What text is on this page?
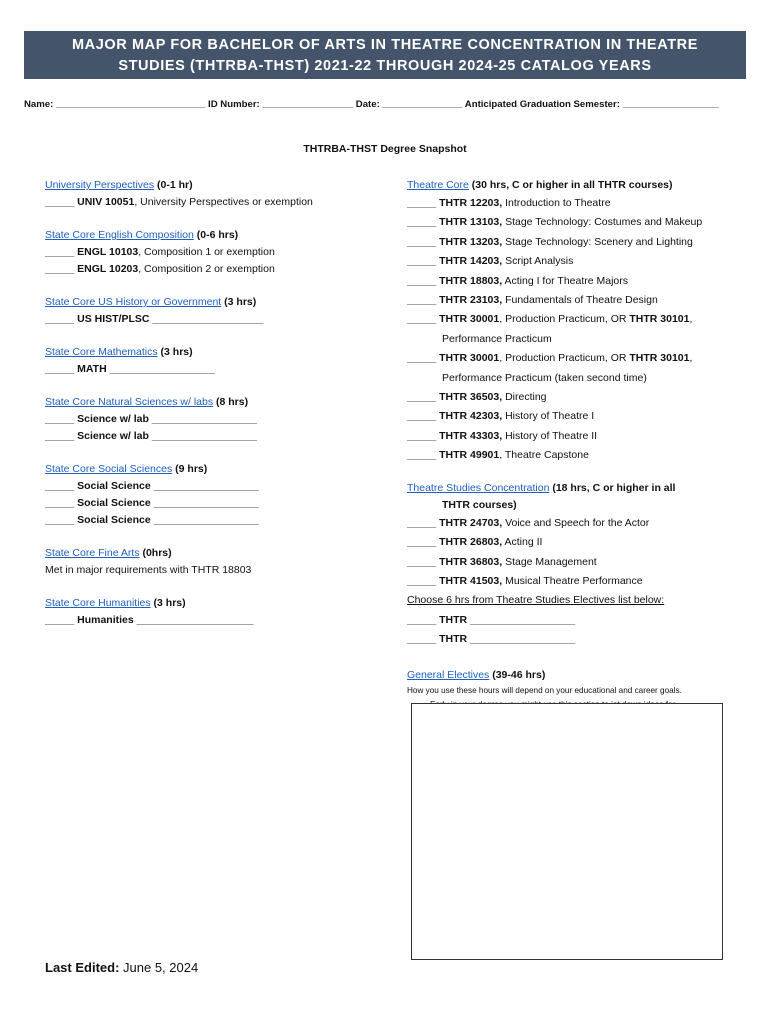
MAJOR MAP FOR BACHELOR OF ARTS IN THEATRE CONCENTRATION IN THEATRE
STUDIES (THTRBA-THST) 2021-22 THROUGH 2024-25 CATALOG YEARS
Name: ____________________________ ID Number: _________________ Date: _______________ Anticipated Graduation Semester: __________________
THTRBA-THST Degree Snapshot
University Perspectives (0-1 hr)
_____ UNIV 10051, University Perspectives or exemption
State Core English Composition (0-6 hrs)
_____ ENGL 10103, Composition 1 or exemption
_____ ENGL 10203, Composition 2 or exemption
State Core US History or Government (3 hrs)
_____ US HIST/PLSC ___________________
State Core Mathematics (3 hrs)
_____ MATH __________________
State Core Natural Sciences w/ labs (8 hrs)
_____ Science w/ lab __________________
_____ Science w/ lab __________________
State Core Social Sciences (9 hrs)
_____ Social Science __________________
_____ Social Science __________________
_____ Social Science __________________
State Core Fine Arts (0hrs)
Met in major requirements with THTR 18803
State Core Humanities (3 hrs)
_____ Humanities ____________________
Theatre Core (30 hrs, C or higher in all THTR courses)
_____ THTR 12203, Introduction to Theatre
_____ THTR 13103, Stage Technology: Costumes and Makeup
_____ THTR 13203, Stage Technology: Scenery and Lighting
_____ THTR 14203, Script Analysis
_____ THTR 18803, Acting I for Theatre Majors
_____ THTR 23103, Fundamentals of Theatre Design
_____ THTR 30001, Production Practicum, OR THTR 30101,
Performance Practicum
_____ THTR 30001, Production Practicum, OR THTR 30101,
Performance Practicum (taken second time)
_____ THTR 36503, Directing
_____ THTR 42303, History of Theatre I
_____ THTR 43303, History of Theatre II
_____ THTR 49901, Theatre Capstone
Theatre Studies Concentration (18 hrs, C or higher in all
THTR courses)
_____ THTR 24703, Voice and Speech for the Actor
_____ THTR 26803, Acting II
_____ THTR 36803, Stage Management
_____ THTR 41503, Musical Theatre Performance
Choose 6 hrs from Theatre Studies Electives list below:
_____ THTR __________________
_____ THTR __________________
General Electives (39-46 hrs)
How you use these hours will depend on your educational and career goals.
Last Edited: June 5, 2024
